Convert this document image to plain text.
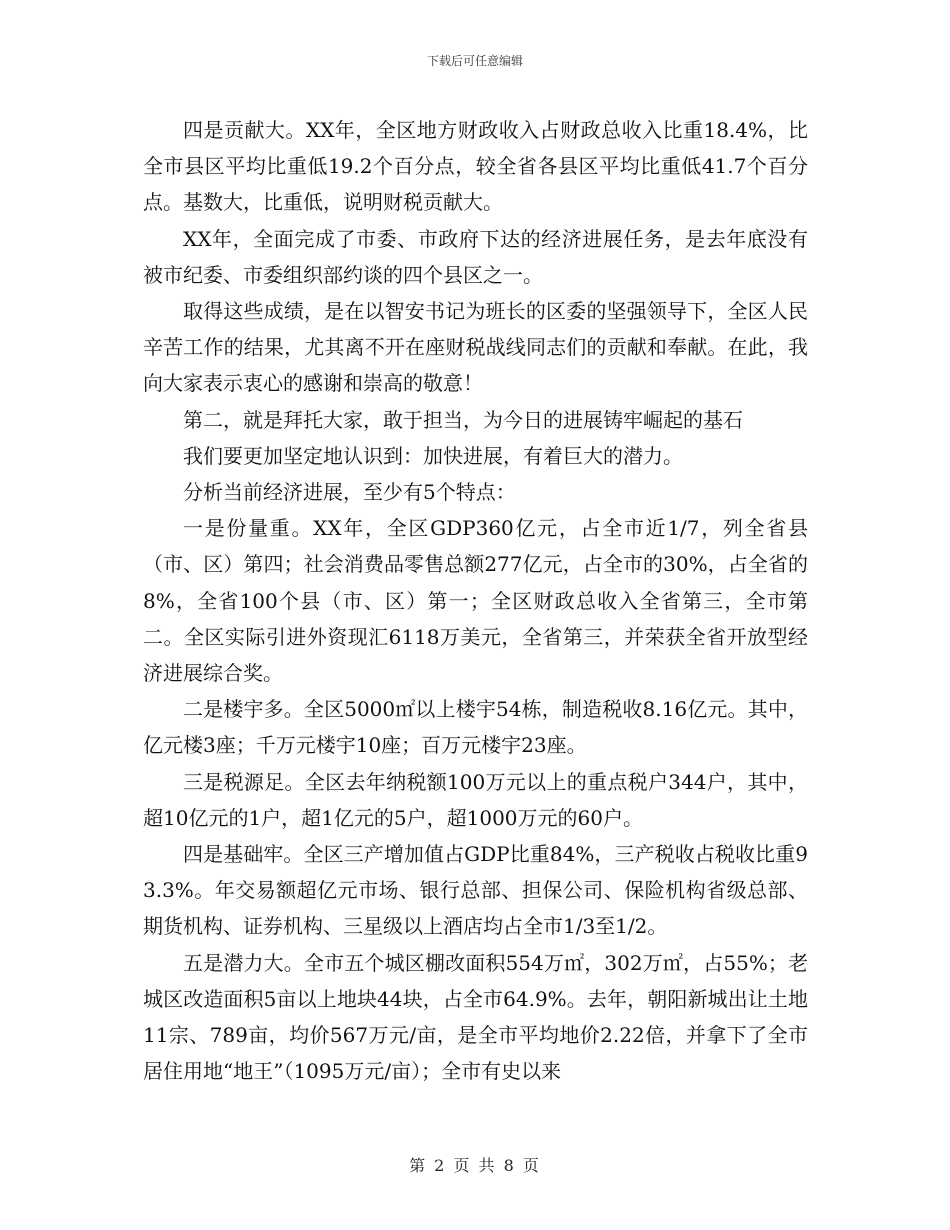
下载后可任意编辑

四是贡献大。XX年，全区地方财政收入占财政总收入比重18.4%，比全市县区平均比重低19.2个百分点，较全省各县区平均比重低41.7个百分点。基数大，比重低，说明财税贡献大。

XX年，全面完成了市委、市政府下达的经济进展任务，是去年底没有被市纪委、市委组织部约谈的四个县区之一。

取得这些成绩，是在以智安书记为班长的区委的坚强领导下，全区人民辛苦工作的结果，尤其离不开在座财税战线同志们的贡献和奉献。在此，我向大家表示衷心的感谢和崇高的敬意！

第二，就是拜托大家，敢于担当，为今日的进展铸牢崛起的基石

我们要更加坚定地认识到：加快进展，有着巨大的潜力。

分析当前经济进展，至少有5个特点：

一是份量重。XX年，全区GDP360亿元，占全市近1/7，列全省县（市、区）第四；社会消费品零售总额277亿元，占全市的30%，占全省的8%，全省100个县（市、区）第一；全区财政总收入全省第三，全市第二。全区实际引进外资现汇6118万美元，全省第三，并荣获全省开放型经济进展综合奖。

二是楼宇多。全区5000㎡以上楼宇54栋，制造税收8.16亿元。其中，亿元楼3座；千万元楼宇10座；百万元楼宇23座。

三是税源足。全区去年纳税额100万元以上的重点税户344户，其中，超10亿元的1户，超1亿元的5户，超1000万元的60户。

四是基础牢。全区三产增加值占GDP比重84%，三产税收占税收比重93.3%。年交易额超亿元市场、银行总部、担保公司、保险机构省级总部、期货机构、证券机构、三星级以上酒店均占全市1/3至1/2。

五是潜力大。全市五个城区棚改面积554万㎡，302万㎡，占55%；老城区改造面积5亩以上地块44块，占全市64.9%。去年，朝阳新城出让土地11宗、789亩，均价567万元/亩，是全市平均地价2.22倍，并拿下了全市居住用地“地王”（1095万元/亩）；全市有史以来

第 2 页 共 8 页
